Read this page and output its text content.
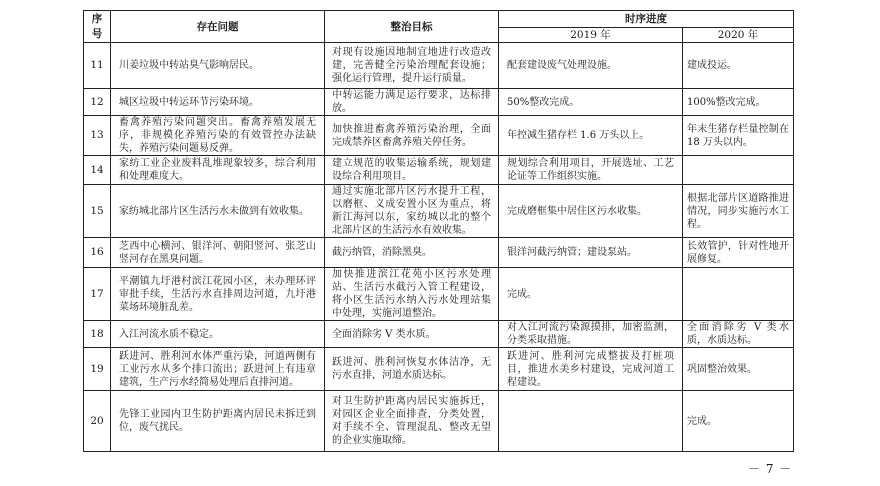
序号	存在问题	整治目标	时序进度	
			2019 年	2020 年
11	川姜垃圾中转站臭气影响居民。	对现有设施因地制宜地进行改造改建，完善健全污染治理配套设施；强化运行管理，提升运行质量。	配套建设废气处理设施。	建成投运。
12	城区垃圾中转运环节污染环境。	中转运能力满足运行要求，达标排放。	50%整改完成。	100%整改完成。
13	畜禽养殖污染问题突出。畜禽养殖发展无序，非规模化养殖污染的有效管控办法缺失，养殖污染问题易反弹。	加快推进畜禽养殖污染治理，全面完成禁养区畜禽养殖关停任务。	年控减生猪存栏 1.6 万头以上。	年末生猪存栏量控制在 18 万头以内。
14	家纺工业企业废料乱堆现象较多，综合利用和处理难度大。	建立规范的收集运输系统，规划建设综合利用项目。	规划综合利用项目，开展选址、工艺论证等工作组织实施。	
15	家纺城北部片区生活污水未做到有效收集。	通过实施北部片区污水提升工程，以磨框、义成安置小区为重点，将新江海河以东，家纺城以北的整个北部片区的生活污水有效收集。	完成磨框集中居住区污水收集。	根据北部片区道路推进情况，同步实施污水工程。
16	芝西中心横河、银洋河、朝阳竖河、张芝山竖河存在黑臭问题。	截污纳管，消除黑臭。	银洋河截污纳管；建设泵站。	长效管护，针对性地开展修复。
17	平潮镇九圩港村滨江花园小区，未办理环评审批手续，生活污水直排周边河道，九圩港菜场环境脏乱差。	加快推进滨江花苑小区污水处理站、生活污水截污入管工程建设，将小区生活污水纳入污水处理站集中处理，实施河道整治。	完成。	
18	入江河流水质不稳定。	全面消除劣 V 类水质。	对入江河流污染源摸排，加密监测，分类采取措施。	全面消除劣 V 类水质，水质达标。
19	跃进河、胜利河水体严重污染，河道两侧有工业污水从多个排口流出；跃进河上有违章建筑，生产污水经简易处理后直排河道。	跃进河、胜利河恢复水体洁净，无污水直排，河道水质达标。	跃进河、胜利河完成整拔及打桩项目，推进水美乡村建设，完成河道工程建设。	巩固整治效果。
20	先锋工业园内卫生防护距离内居民未拆迁到位，废气扰民。	对卫生防护距离内居民实施拆迁，对园区企业全面排查，分类处置，对手续不全、管理混乱、整改无望的企业实施取缔。		完成。
－ 7 －
